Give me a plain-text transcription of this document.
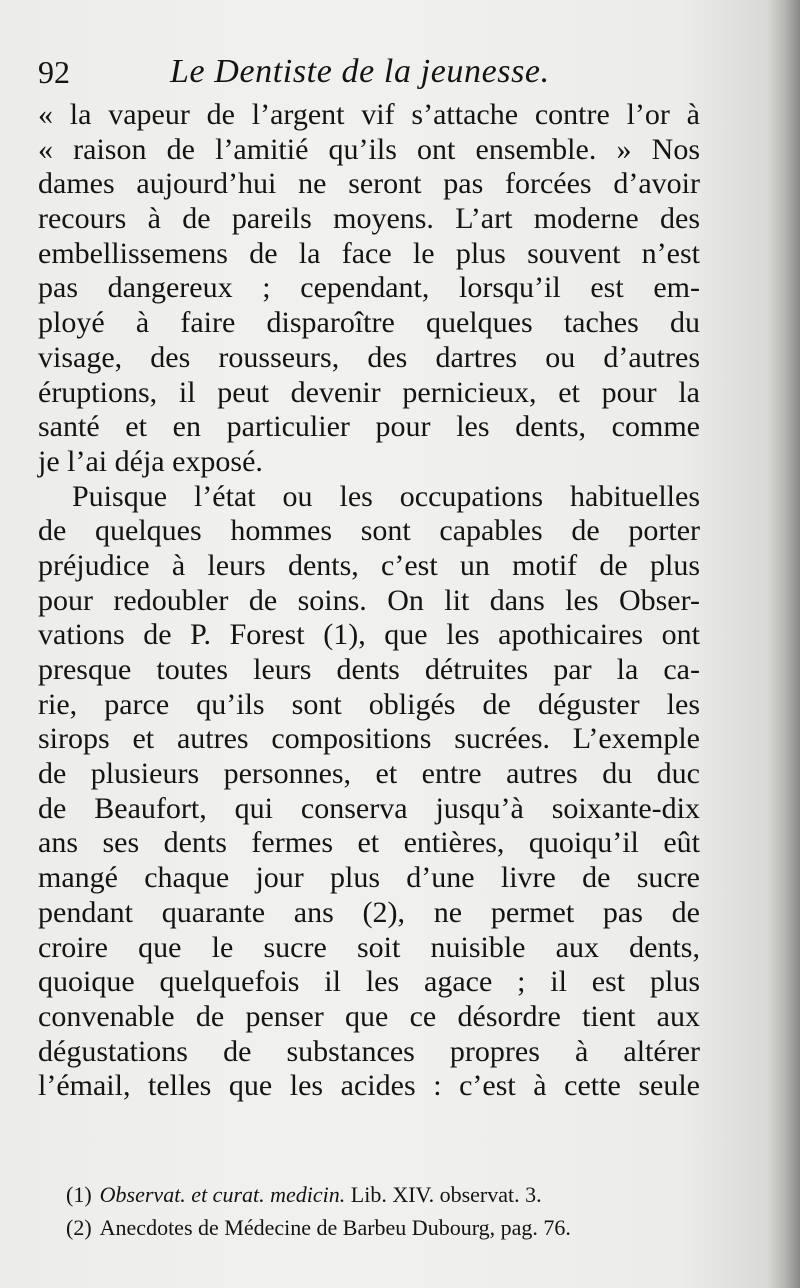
92	Le Dentiste de la jeunesse.
« la vapeur de l’argent vif s’attache contre l’or à
« raison de l’amitié qu’ils ont ensemble. » Nos
dames aujourd’hui ne seront pas forcées d’avoir
recours à de pareils moyens. L’art moderne des
embellissemens de la face le plus souvent n’est
pas dangereux ; cependant, lorsqu’il est em-
ployé à faire disparoître quelques taches du
visage, des rousseurs, des dartres ou d’autres
éruptions, il peut devenir pernicieux, et pour la
santé et en particulier pour les dents, comme
je l’ai déja exposé.
Puisque l’état ou les occupations habituelles
de quelques hommes sont capables de porter
préjudice à leurs dents, c’est un motif de plus
pour redoubler de soins. On lit dans les Obser-
vations de P. Forest (1), que les apothicaires ont
presque toutes leurs dents détruites par la ca-
rie, parce qu’ils sont obligés de déguster les
sirops et autres compositions sucrées. L’exemple
de plusieurs personnes, et entre autres du duc
de Beaufort, qui conserva jusqu’à soixante-dix
ans ses dents fermes et entières, quoiqu’il eût
mangé chaque jour plus d’une livre de sucre
pendant quarante ans (2), ne permet pas de
croire que le sucre soit nuisible aux dents,
quoique quelquefois il les agace ; il est plus
convenable de penser que ce désordre tient aux
dégustations de substances propres à altérer
l’émail, telles que les acides : c’est à cette seule
(1) Observat. et curat. medicin. Lib. XIV. observat. 3.
(2) Anecdotes de Médecine de Barbeu Dubourg, pag. 76.
